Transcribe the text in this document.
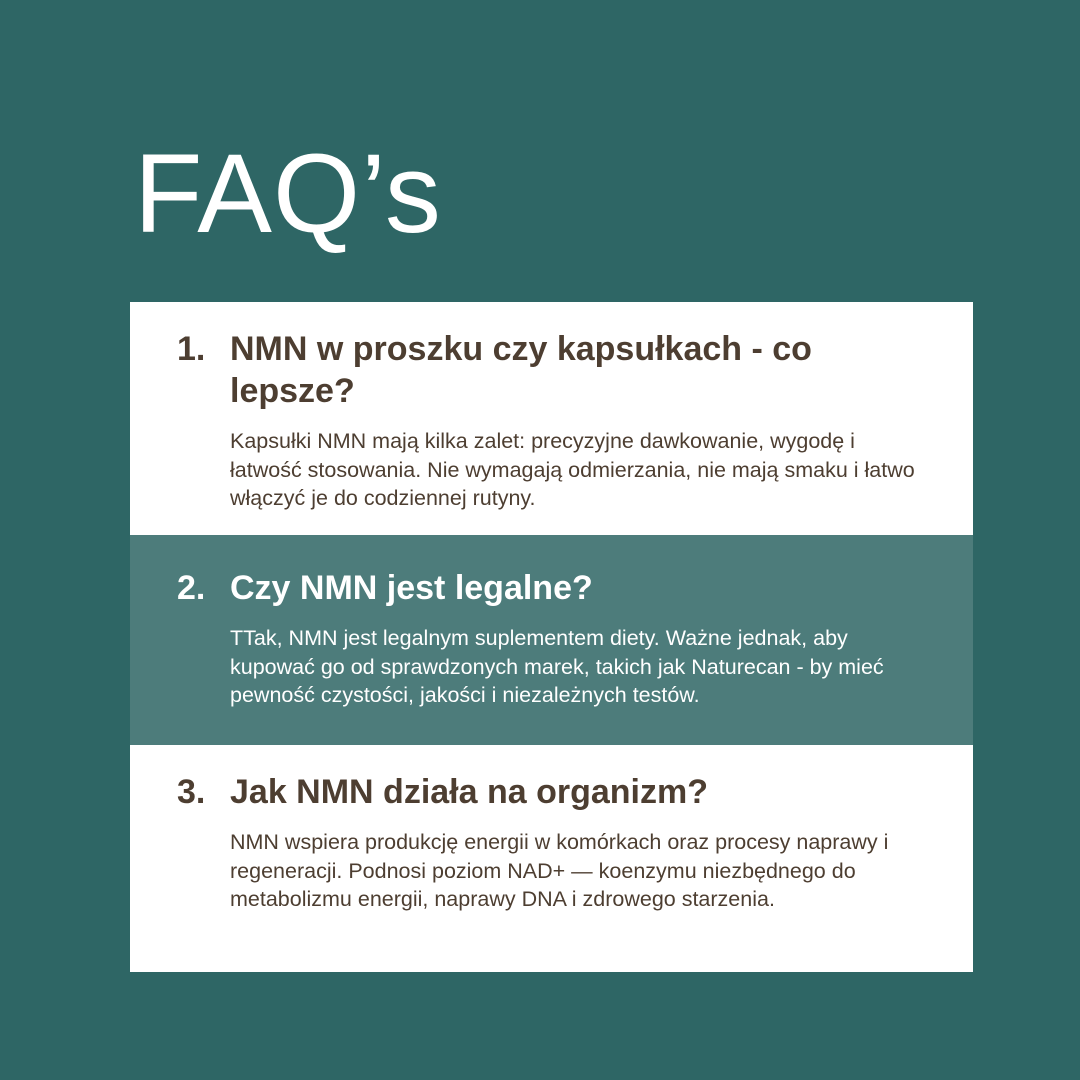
FAQ’s
1. NMN w proszku czy kapsułkach - co lepsze?

Kapsułki NMN mają kilka zalet: precyzyjne dawkowanie, wygodę i łatwość stosowania. Nie wymagają odmierzania, nie mają smaku i łatwo włączyć je do codziennej rutyny.

2. Czy NMN jest legalne?

TTak, NMN jest legalnym suplementem diety. Ważne jednak, aby kupować go od sprawdzonych marek, takich jak Naturecan - by mieć pewność czystości, jakości i niezależnych testów.

3. Jak NMN działa na organizm?

NMN wspiera produkcję energii w komórkach oraz procesy naprawy i regeneracji. Podnosi poziom NAD+ — koenzymu niezbędnego do metabolizmu energii, naprawy DNA i zdrowego starzenia.
